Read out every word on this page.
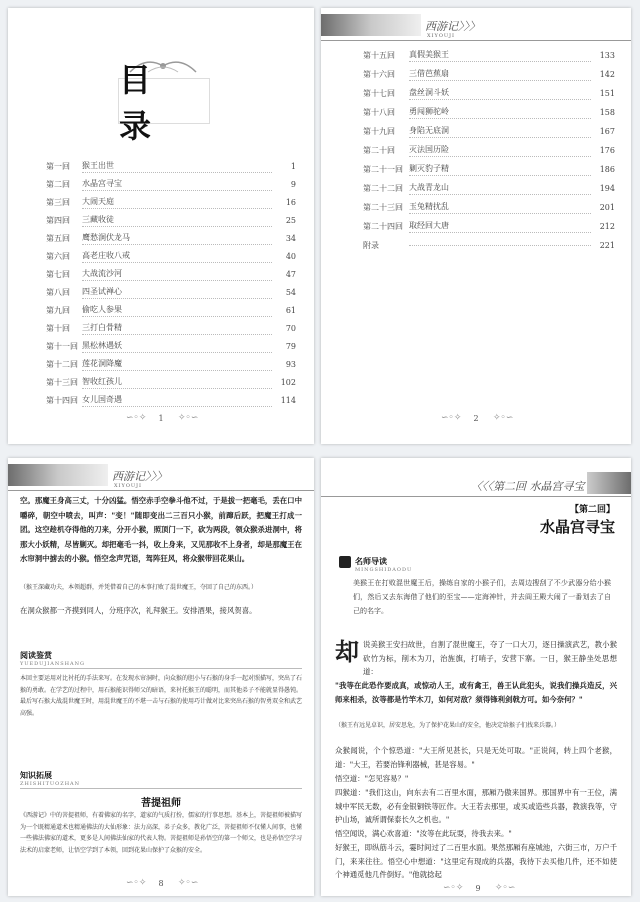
目 录
第一回	猴王出世	1
第二回	水晶宫寻宝	9
第三回	大闹天庭	16
第四回	三藏收徒	25
第五回	鹰愁涧伏龙马	34
第六回	高老庄收八戒	40
第七回	大战流沙河	47
第八回	四圣试禅心	54
第九回	偷吃人参果	61
第十回	三打白骨精	70
第十一回 黑松林遇妖	79
第十二回 莲花洞降魔	93
第十三回 智收红孩儿	102
第十四回 女儿国奇遇	114
∽◦✧	1	✧◦∽
西游记〉〉〉
XIYOUJI
第十五回	真假美猴王	133
第十六回	三借芭蕉扇	142
第十七回	盘丝洞斗妖	151
第十八回	勇闯狮驼岭	158
第十九回	身陷无底洞	167
第二十回	灭法国历险	176
第二十一回 剿灭豹子精	186
第二十二回 大战青龙山	194
第二十三回 玉兔精扰乱	201
第二十四回 取经回大唐	212
附录	221
∽◦✧	2	✧◦∽
西游记〉〉〉
XIYOUJI
空。那魔王身高三丈，十分凶猛。悟空赤手空拳斗他不过，于是拔一把毫毛，丢在口中嚼碎，朝空中喷去，叫声："变！"随即变出二三百只小猴，前蹿后跃，把魔王打成一团。这空趁机夺得他的刀来，分开小猴，照顶门一下，砍为两段，领众猴杀进洞中，将那大小妖精，尽皆剿灭。却把毫毛一抖，收上身来，又见那收不上身者，却是那魔王在水帘洞中掳去的小猴。悟空念声咒语，驾阵狂风，将众猴带回花果山。
（猴王深藏功夫，本领超群，并凭借着自己的本事打败了混世魔王，夺回了自己的东西。）
在洞众猴都一齐摸到同人，分班序次，礼拜猴王。安排酒果，接风贺喜。
阅读鉴赏
YUEDUJIANSHANG
本回主要运用对比衬托的手法来写。在发现水帘洞时，向众猴的胆小与石猴的身手一起对照描写，突出了石猴的勇敢。在学艺的过程中，用石猴能识得师父的暗语，来衬托猴王的聪明，而其他弟子不能就显得愚钝。最后写石猴大战混世魔王时，用混世魔王的不堪一击与石猴的使用巧计做对比来突出石猴的智勇双全和武艺高强。
知识拓展
ZHISHITUOZHAN
菩提祖师
《西游记》中的菩提祖师，有着佛家的名字，道家的气质打扮，儒家的行事思想。基本上，菩提祖师被描写为一个既精通道术也精通佛法的大仙形象：法力高深，弟子众多，教化广泛，菩提祖师不仅懂人间事，也懂一些佛法佛家的道术，更多是人间佛法仙家的代表人物。菩提祖师是孙悟空的第一个师父，也是孙悟空学习法术的启蒙老师，让悟空学到了本领，回到花果山保护了众猴的安全。
∽◦✧	8	✧◦∽
〈〈〈第二回 水晶宫寻宝
【第二回】
水晶宫寻宝
名师导读
MINGSHIDAODU
美猴王在打败混世魔王后，操练自家的小猴子们，去周边搜刮了不少武器分给小猴们，然后又去东海借了他们的至宝——定海神针，并去阎王殿大闹了一番划去了自己的名字。
却 说美猴王安扫故世，自割了混世魔王，夺了一口大刀，逐日操演武艺，教小猴砍竹为标，削木为刀，治旌旗，打哨子，安营下寨。一日，猴王静坐处思想道：
"我等在此恐作要成真，或惊动人王，或有禽王，兽王认此犯头，说我们操兵造反，兴师来相杀，汝等都是竹竿木刀，如何对敌？须得锋利剑戟方可。如今奈何？"
（猴王有远见卓识，居安思危，为了保护花果山的安全，他决定给猴子们找来兵器。）
众猴闻说，个个惊恐道："大王所见甚长，只是无处可取。"正说间，转上四个老猴，道："大王，若要治锋利器械，甚是容易。"
悟空道："怎见容易？"
四猴道："我们这山，向东去有二百里水面，那厢乃傲来国界。那国界中有一王位，满城中军民无数，必有金银铜铁等匠作。大王若去那里，或买或造些兵器，教演我等，守护山场，诚所谓保泰长久之机也。"
悟空闻说，满心欢喜道："汝等在此玩耍，待我去来。"
好猴王，即纵筋斗云，霎时间过了二百里水面。果然那厢有座城池，六街三市，万户千门，来来往往。悟空心中想道："这里定有现成的兵器，我待下去买他几件，还不如使个神通觅他几件倒好。"他就捻起
∽◦✧	9	✧◦∽
